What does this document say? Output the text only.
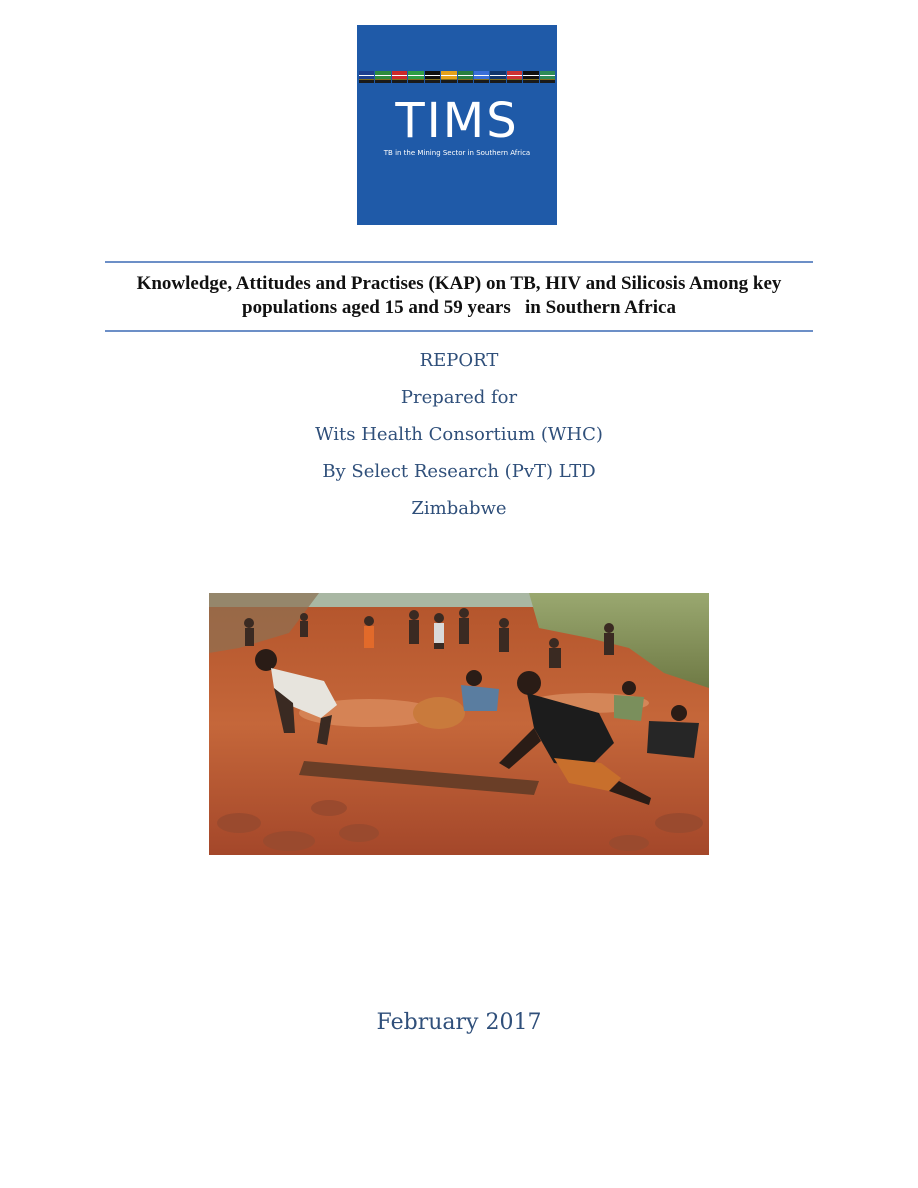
TIMS
TB in the Mining Sector in Southern Africa
Knowledge, Attitudes and Practises (KAP) on TB, HIV and Silicosis Among key
populations aged 15 and 59 years   in Southern Africa
REPORT
Prepared for
Wits Health Consortium (WHC)
By Select Research (PvT) LTD
Zimbabwe
February 2017
